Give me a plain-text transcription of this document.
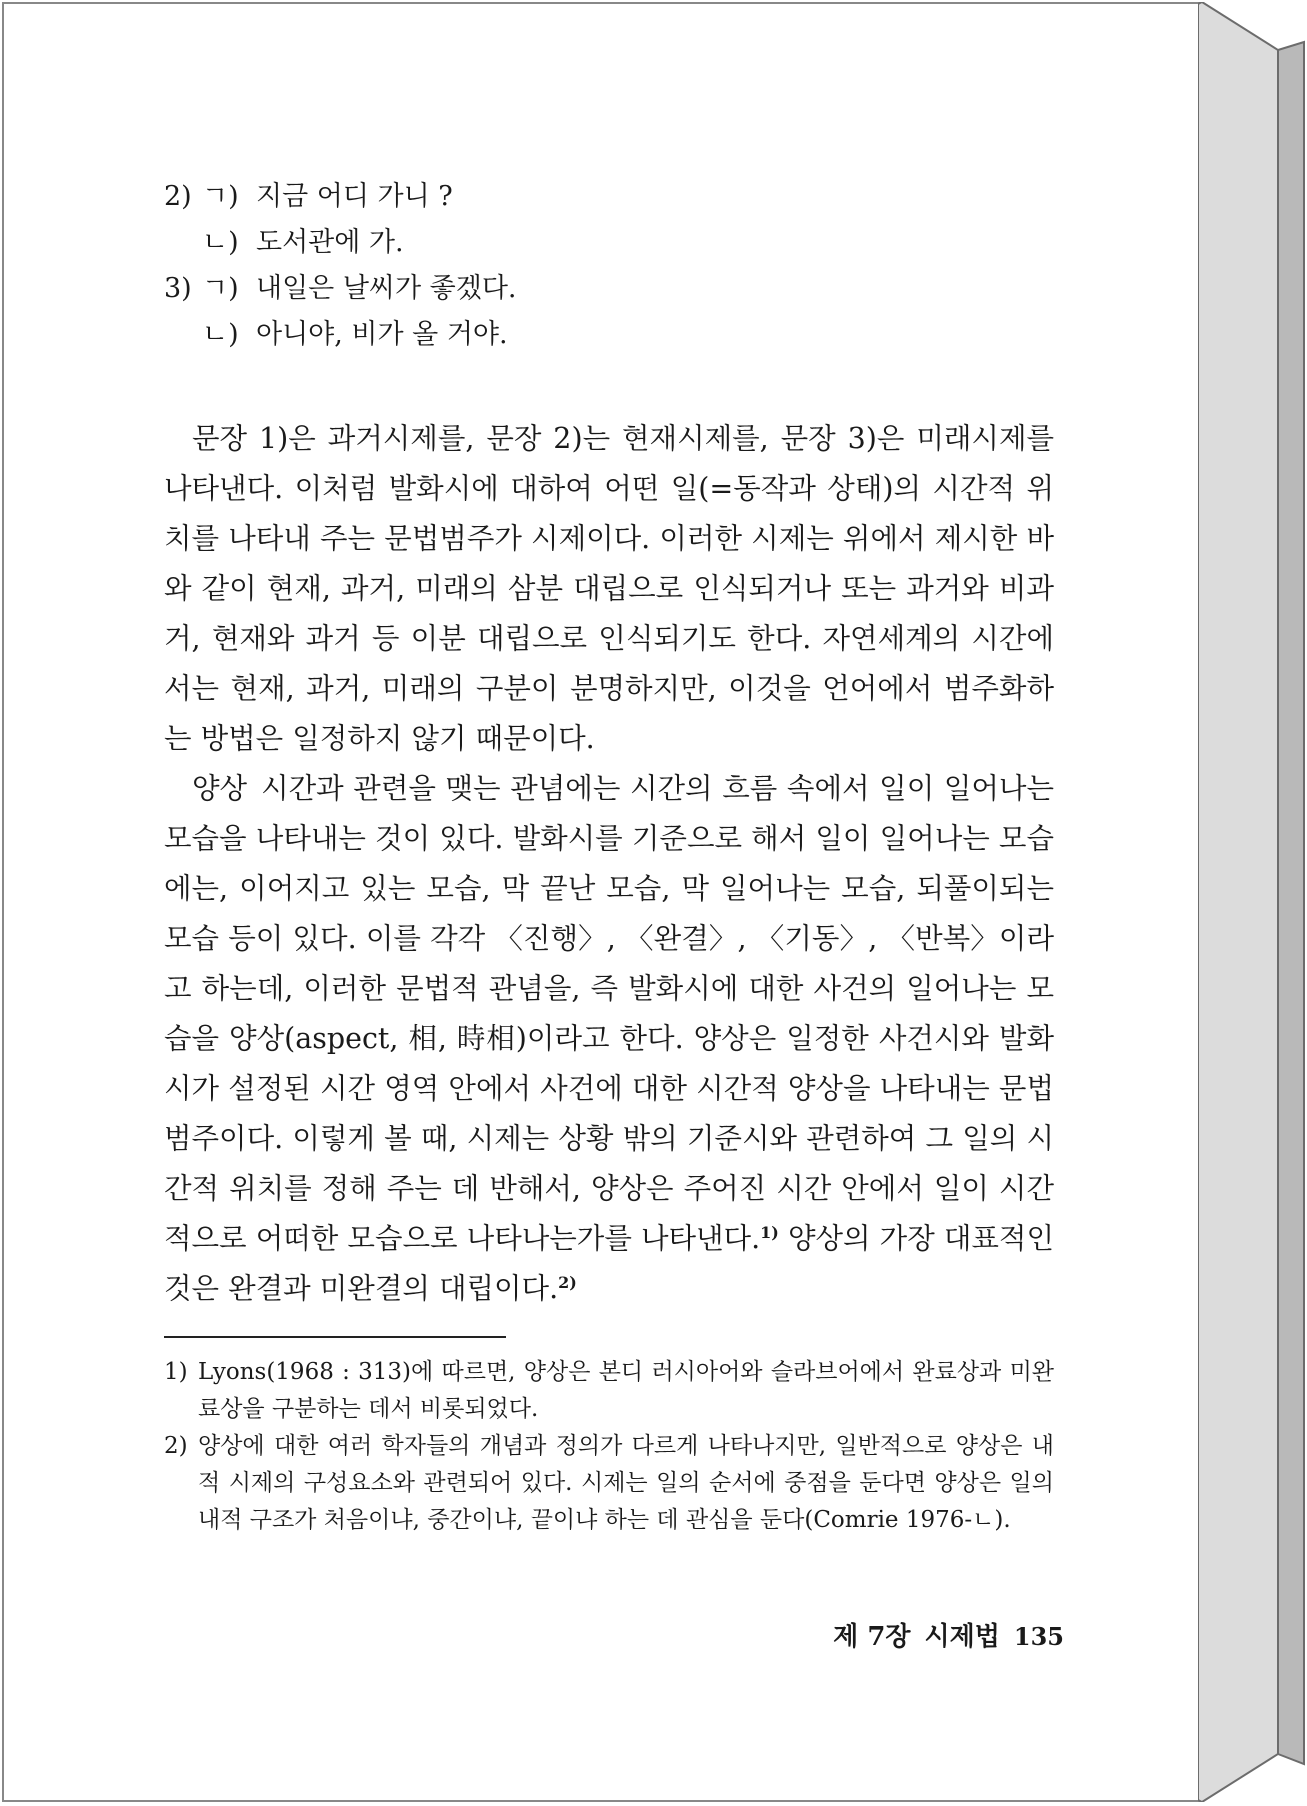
2) ㄱ) 지금 어디 가니 ?
ㄴ) 도서관에 가.
3) ㄱ) 내일은 날씨가 좋겠다.
ㄴ) 아니야, 비가 올 거야.

문장 1)은 과거시제를, 문장 2)는 현재시제를, 문장 3)은 미래시제를 나타낸다. 이처럼 발화시에 대하여 어떤 일(=동작과 상태)의 시간적 위치를 나타내 주는 문법범주가 시제이다. 이러한 시제는 위에서 제시한 바와 같이 현재, 과거, 미래의 삼분 대립으로 인식되거나 또는 과거와 비과거, 현재와 과거 등 이분 대립으로 인식되기도 한다. 자연세계의 시간에서는 현재, 과거, 미래의 구분이 분명하지만, 이것을 언어에서 범주화하는 방법은 일정하지 않기 때문이다.

양상 시간과 관련을 맺는 관념에는 시간의 흐름 속에서 일이 일어나는 모습을 나타내는 것이 있다. 발화시를 기준으로 해서 일이 일어나는 모습에는, 이어지고 있는 모습, 막 끝난 모습, 막 일어나는 모습, 되풀이되는 모습 등이 있다. 이를 각각 〈진행〉, 〈완결〉, 〈기동〉, 〈반복〉이라고 하는데, 이러한 문법적 관념을, 즉 발화시에 대한 사건의 일어나는 모습을 양상(aspect, 相, 時相)이라고 한다. 양상은 일정한 사건시와 발화시가 설정된 시간 영역 안에서 사건에 대한 시간적 양상을 나타내는 문법범주이다. 이렇게 볼 때, 시제는 상황 밖의 기준시와 관련하여 그 일의 시간적 위치를 정해 주는 데 반해서, 양상은 주어진 시간 안에서 일이 시간적으로 어떠한 모습으로 나타나는가를 나타낸다.$^{1)}$ 양상의 가장 대표적인 것은 완결과 미완결의 대립이다.$^{2)}$

1) Lyons(1968 : 313)에 따르면, 양상은 본디 러시아어와 슬라브어에서 완료상과 미완료상을 구분하는 데서 비롯되었다.
2) 양상에 대한 여러 학자들의 개념과 정의가 다르게 나타나지만, 일반적으로 양상은 내적 시제의 구성요소와 관련되어 있다. 시제는 일의 순서에 중점을 둔다면 양상은 일의 내적 구조가 처음이냐, 중간이냐, 끝이냐 하는 데 관심을 둔다(Comrie 1976-ㄴ).
제 7장 시제법 135
